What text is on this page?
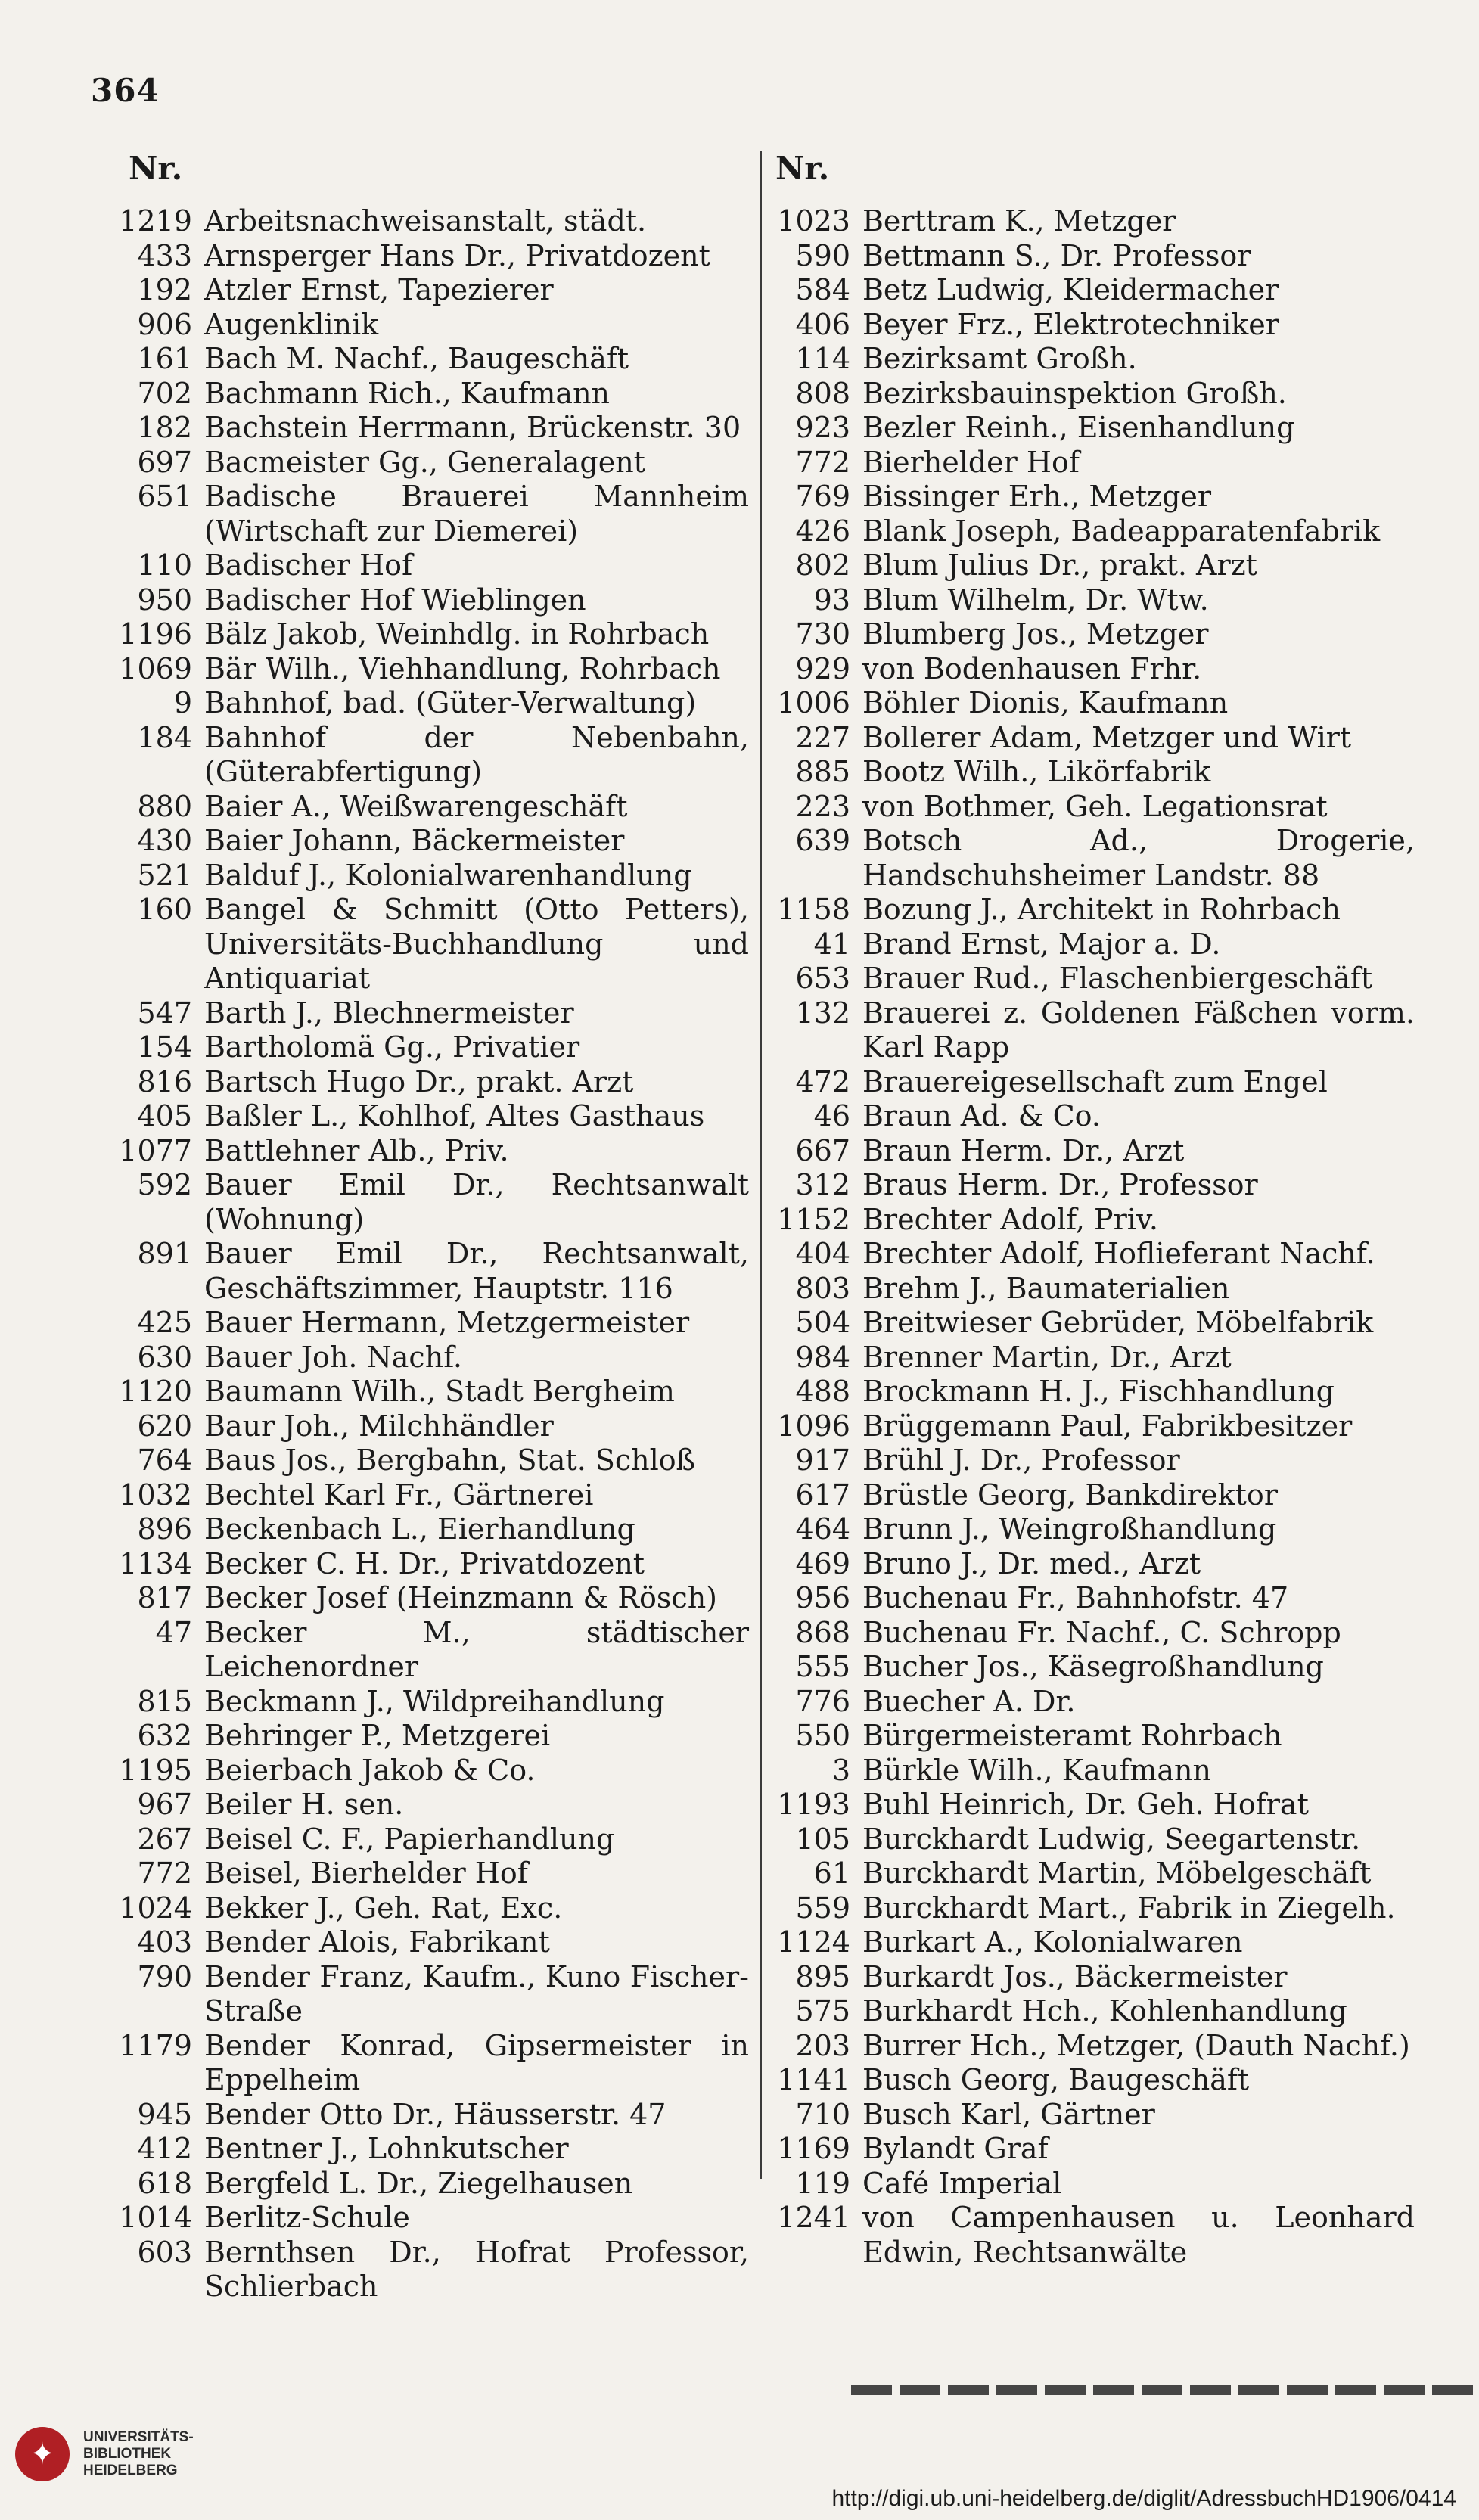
364
Nr.	Nr.
1219 Arbeitsnachweisanstalt, städt.
433 Arnsperger Hans Dr., Privatdozent
192 Atzler Ernst, Tapezierer
906 Augenklinik
161 Bach M. Nachf., Baugeschäft
702 Bachmann Rich., Kaufmann
182 Bachstein Herrmann, Brückenstr. 30
697 Bacmeister Gg., Generalagent
651 Badische Brauerei Mannheim (Wirtschaft zur Diemerei)
110 Badischer Hof
950 Badischer Hof Wieblingen
1196 Bälz Jakob, Weinhdlg. in Rohrbach
1069 Bär Wilh., Viehhandlung, Rohrbach
9 Bahnhof, bad. (Güter-Verwaltung)
184 Bahnhof der Nebenbahn, (Güterabfertigung)
880 Baier A., Weißwarengeschäft
430 Baier Johann, Bäckermeister
521 Balduf J., Kolonialwarenhandlung
160 Bangel & Schmitt (Otto Petters), Universitäts-Buchhandlung und Antiquariat
547 Barth J., Blechnermeister
154 Bartholomä Gg., Privatier
816 Bartsch Hugo Dr., prakt. Arzt
405 Baßler L., Kohlhof, Altes Gasthaus
1077 Battlehner Alb., Priv.
592 Bauer Emil Dr., Rechtsanwalt (Wohnung)
891 Bauer Emil Dr., Rechtsanwalt, Geschäftszimmer, Hauptstr. 116
425 Bauer Hermann, Metzgermeister
630 Bauer Joh. Nachf.
1120 Baumann Wilh., Stadt Bergheim
620 Baur Joh., Milchhändler
764 Baus Jos., Bergbahn, Stat. Schloß
1032 Bechtel Karl Fr., Gärtnerei
896 Beckenbach L., Eierhandlung
1134 Becker C. H. Dr., Privatdozent
817 Becker Josef (Heinzmann & Rösch)
47 Becker M., städtischer Leichenordner
815 Beckmann J., Wildpreihandlung
632 Behringer P., Metzgerei
1195 Beierbach Jakob & Co.
967 Beiler H. sen.
267 Beisel C. F., Papierhandlung
772 Beisel, Bierhelder Hof
1024 Bekker J., Geh. Rat, Exc.
403 Bender Alois, Fabrikant
790 Bender Franz, Kaufm., Kuno Fischer-Straße
1179 Bender Konrad, Gipsermeister in Eppelheim
945 Bender Otto Dr., Häusserstr. 47
412 Bentner J., Lohnkutscher
618 Bergfeld L. Dr., Ziegelhausen
1014 Berlitz-Schule
603 Bernthsen Dr., Hofrat Professor, Schlierbach
1023 Berttram K., Metzger
590 Bettmann S., Dr. Professor
584 Betz Ludwig, Kleidermacher
406 Beyer Frz., Elektrotechniker
114 Bezirksamt Großh.
808 Bezirksbauinspektion Großh.
923 Bezler Reinh., Eisenhandlung
772 Bierhelder Hof
769 Bissinger Erh., Metzger
426 Blank Joseph, Badeapparatenfabrik
802 Blum Julius Dr., prakt. Arzt
93 Blum Wilhelm, Dr. Wtw.
730 Blumberg Jos., Metzger
929 von Bodenhausen Frhr.
1006 Böhler Dionis, Kaufmann
227 Bollerer Adam, Metzger und Wirt
885 Bootz Wilh., Likörfabrik
223 von Bothmer, Geh. Legationsrat
639 Botsch Ad., Drogerie, Handschuhsheimer Landstr. 88
1158 Bozung J., Architekt in Rohrbach
41 Brand Ernst, Major a. D.
653 Brauer Rud., Flaschenbiergeschäft
132 Brauerei z. Goldenen Fäßchen vorm. Karl Rapp
472 Brauereigesellschaft zum Engel
46 Braun Ad. & Co.
667 Braun Herm. Dr., Arzt
312 Braus Herm. Dr., Professor
1152 Brechter Adolf, Priv.
404 Brechter Adolf, Hoflieferant Nachf.
803 Brehm J., Baumaterialien
504 Breitwieser Gebrüder, Möbelfabrik
984 Brenner Martin, Dr., Arzt
488 Brockmann H. J., Fischhandlung
1096 Brüggemann Paul, Fabrikbesitzer
917 Brühl J. Dr., Professor
617 Brüstle Georg, Bankdirektor
464 Brunn J., Weingroßhandlung
469 Bruno J., Dr. med., Arzt
956 Buchenau Fr., Bahnhofstr. 47
868 Buchenau Fr. Nachf., C. Schropp
555 Bucher Jos., Käsegroßhandlung
776 Buecher A. Dr.
550 Bürgermeisteramt Rohrbach
3 Bürkle Wilh., Kaufmann
1193 Buhl Heinrich, Dr. Geh. Hofrat
105 Burckhardt Ludwig, Seegartenstr.
61 Burckhardt Martin, Möbelgeschäft
559 Burckhardt Mart., Fabrik in Ziegelh.
1124 Burkart A., Kolonialwaren
895 Burkardt Jos., Bäckermeister
575 Burkhardt Hch., Kohlenhandlung
203 Burrer Hch., Metzger, (Dauth Nachf.)
1141 Busch Georg, Baugeschäft
710 Busch Karl, Gärtner
1169 Bylandt Graf
119 Café Imperial
1241 von Campenhausen u. Leonhard Edwin, Rechtsanwälte
✦	UNIVERSITÄTS-
BIBLIOTHEK
HEIDELBERG
http://digi.ub.uni-heidelberg.de/diglit/AdressbuchHD1906/0414
